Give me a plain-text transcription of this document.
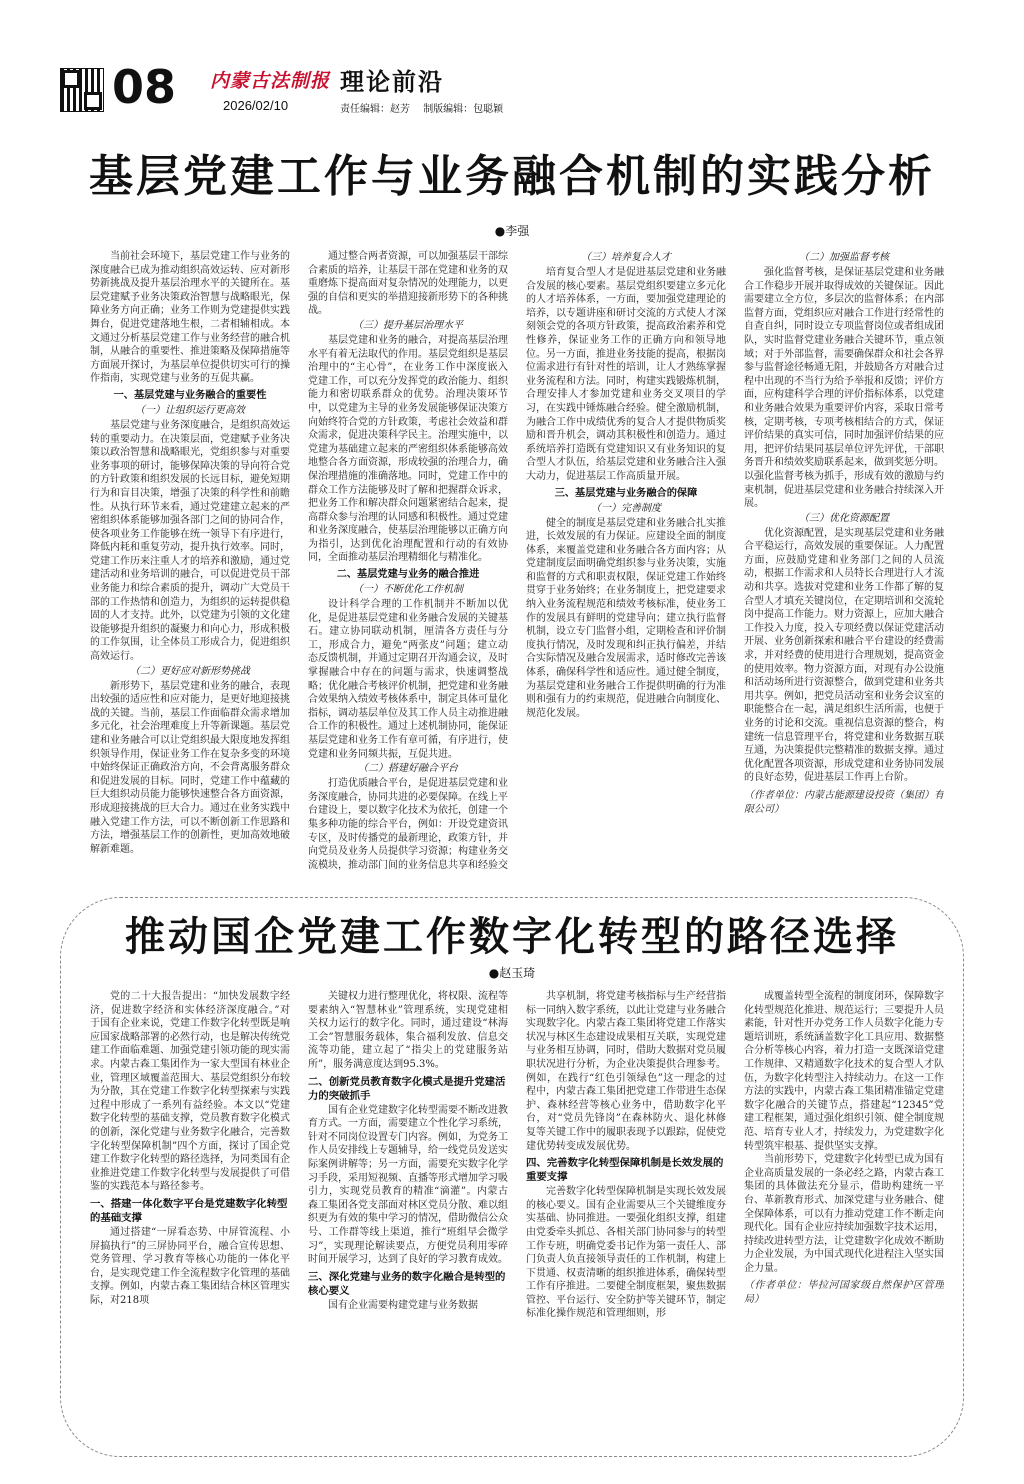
08 内蒙古法制报
2026/02/10
理论前沿
责任编辑：赵芳 制版编辑：包聪颖
基层党建工作与业务融合机制的实践分析
●李强

当前社会环境下，基层党建工作与业务的深度融合已成为推动组织高效运转、应对新形势新挑战及提升基层治理水平的关键所在。基层党建赋予业务决策政治智慧与战略眼光，保障业务方向正确；业务工作则为党建提供实践舞台，促进党建落地生根，二者相辅相成。本文通过分析基层党建工作与业务经营的融合机制，从融合的重要性、推进策略及保障措施等方面展开探讨，为基层单位提供切实可行的操作指南，实现党建与业务的互促共赢。

一、基层党建与业务融合的重要性
（一）让组织运行更高效

基层党建与业务深度融合，是组织高效运转的重要动力。在决策层面，党建赋予业务决策以政治智慧和战略眼光，党组织参与对重要业务事项的研讨，能够保障决策的导向符合党的方针政策和组织发展的长远目标，避免短期行为和盲目决策，增强了决策的科学性和前瞻性。从执行环节来看，通过党建建立起来的严密组织体系能够加强各部门之间的协同合作，使各项业务工作能够在统一领导下有序进行，降低内耗和重复劳动，提升执行效率。同时，党建工作历来注重人才的培养和激励，通过党建活动和业务培训的融合，可以促进党员干部业务能力和综合素质的提升，调动广大党员干部的工作热情和创造力，为组织的运转提供稳固的人才支持。此外，以党建为引领的文化建设能够提升组织的凝聚力和向心力，形成积极的工作氛围，让全体员工形成合力，促进组织高效运行。

（二）更好应对新形势挑战

新形势下，基层党建和业务的融合，表现出较强的适应性和应对能力，是更好地迎接挑战的关键。当前，基层工作面临群众需求增加多元化，社会治理难度上升等新课题。基层党建和业务融合可以让党组织最大限度地发挥组织领导作用，保证业务工作在复杂多变的环境中始终保证正确政治方向，不会背离服务群众和促进发展的目标。同时，党建工作中蕴藏的巨大组织动员能力能够快速整合各方面资源，形成迎接挑战的巨大合力。通过在业务实践中融入党建工作方法，可以不断创新工作思路和方法，增强基层工作的创新性，更加高效地破解新难题。

通过整合两者资源，可以加强基层干部综合素质的培养，让基层干部在党建和业务的双重磨炼下提高面对复杂情况的处理能力，以更强的自信和更实的举措迎接新形势下的各种挑战。

（三）提升基层治理水平

基层党建和业务的融合，对提高基层治理水平有着无法取代的作用。基层党组织是基层治理中的“主心骨”，在业务工作中深度嵌入党建工作，可以充分发挥党的政治能力、组织能力和密切联系群众的优势。治理决策环节中，以党建为主导的业务发展能够保证决策方向始终符合党的方针政策，考虑社会效益和群众需求，促进决策科学民主。治理实施中，以党建为基础建立起来的严密组织体系能够高效地整合各方面资源，形成较强的治理合力，确保治理措施的准确落地。同时，党建工作中的群众工作方法能够及时了解和把握群众诉求，把业务工作和解决群众问题紧密结合起来，提高群众参与治理的认同感和积极性。通过党建和业务深度融合，使基层治理能够以正确方向为指引，达到优化治理配置和行动的有效协同，全面推动基层治理精细化与精准化。

二、基层党建与业务的融合推进
（一）不断优化工作机制

设计科学合理的工作机制并不断加以优化，是促进基层党建和业务融合发展的关键基石。建立协同联动机制，厘清各方责任与分工，形成合力，避免“两张皮”问题；建立动态反馈机制，并通过定期召开沟通会议，及时掌握融合中存在的问题与需求，快速调整战略；优化融合考核评价机制，把党建和业务融合效果纳入绩效考核体系中，制定具体可量化指标，调动基层单位及其工作人员主动推进融合工作的积极性。通过上述机制协同，能保证基层党建和业务工作有章可循，有序进行，使党建和业务同频共振，互促共进。

（二）搭建好融合平台

打造优质融合平台，是促进基层党建和业务深度融合，协同共进的必要保障。在线上平台建设上，要以数字化技术为依托，创建一个集多种功能的综合平台，例如：开设党建资讯专区，及时传播党的最新理论，政策方针，并向党员及业务人员提供学习资源；构建业务交流模块，推动部门间的业务信息共享和经验交

（三）培养复合人才

培育复合型人才是促进基层党建和业务融合发展的核心要素。基层党组织要建立多元化的人才培养体系，一方面，要加强党建理论的培养，以专题讲座和研讨交流的方式使人才深刻领会党的各项方针政策，提高政治素养和党性修养，保证业务工作的正确方向和领导地位。另一方面，推进业务技能的提高，根据岗位需求进行有针对性的培训，让人才熟练掌握业务流程和方法。同时，构建实践锻炼机制，合理安排人才参加党建和业务交叉项目的学习，在实践中锤炼融合经验。健全激励机制，为融合工作中成绩优秀的复合人才提供物质奖励和晋升机会，调动其积极性和创造力。通过系统培养打造既有党建知识又有业务知识的复合型人才队伍，给基层党建和业务融合注入强大动力，促进基层工作高质量开展。

三、基层党建与业务融合的保障
（一）完善制度

健全的制度是基层党建和业务融合扎实推进，长效发展的有力保证。应建设全面的制度体系，来覆盖党建和业务融合各方面内容；从党建制度层面明确党组织参与业务决策，实施和监督的方式和职责权限，保证党建工作始终贯穿于业务始终；在业务制度上，把党建要求纳入业务流程规范和绩效考核标准，使业务工作的发展具有鲜明的党建导向；建立执行监督机制，设立专门监督小组，定期检查和评价制度执行情况，及时发现和纠正执行偏差，并结合实际情况及融合发展需求，适时修改完善该体系，确保科学性和适应性。通过健全制度，为基层党建和业务融合工作提供明确的行为准则和强有力的约束规范，促进融合向制度化、规范化发展。

（二）加强监督考核

强化监督考核，是保证基层党建和业务融合工作稳步开展并取得成效的关键保证。因此需要建立全方位，多层次的监督体系；在内部监督方面，党组织应对融合工作进行经常性的自查自纠，同时设立专项监督岗位或者组成团队，实时监督党建业务融合关键环节，重点领域；对于外部监督，需要确保群众和社会各界参与监督途径畅通无阻，并鼓励各方对融合过程中出现的不当行为给予举报和反馈；评价方面，应构建科学合理的评价指标体系，以党建和业务融合效果为重要评价内容，采取日常考核，定期考核，专项考核相结合的方式，保证评价结果的真实可信，同时加强评价结果的应用，把评价结果同基层单位评先评优，干部职务晋升和绩效奖励联系起来，做到奖惩分明。以强化监督考核为抓手，形成有效的激励与约束机制，促进基层党建和业务融合持续深入开展。

（三）优化资源配置

优化资源配置，是实现基层党建和业务融合平稳运行，高效发展的重要保证。人力配置方面，应鼓励党建和业务部门之间的人员流动，根据工作需求和人员特长合理进行人才流动和共享。选拔对党建和业务工作都了解的复合型人才填充关键岗位，在定期培训和交流轮岗中提高工作能力。财力资源上，应加大融合工作投入力度，投入专项经费以保证党建活动开展、业务创新探索和融合平台建设的经费需求，并对经费的使用进行合理规划，提高资金的使用效率。物力资源方面，对现有办公设施和活动场所进行资源整合，做到党建和业务共用共享。例如，把党员活动室和业务会议室的职能整合在一起，满足组织生活所需，也便于业务的讨论和交流。重视信息资源的整合，构建统一信息管理平台，将党建和业务数据互联互通，为决策提供完整精准的数据支撑。通过优化配置各项资源，形成党建和业务协同发展的良好态势，促进基层工作再上台阶。

（作者单位：内蒙古能源建设投资（集团）有限公司）

推动国企党建工作数字化转型的路径选择
●赵玉琦

党的二十大报告提出：“加快发展数字经济，促进数字经济和实体经济深度融合。”对于国有企业来说，党建工作数字化转型既是响应国家战略部署的必然行动，也是解决传统党建工作面临难题、加强党建引领功能的现实需求。内蒙古森工集团作为一家大型国有林业企业，管理区域覆盖范围大、基层党组织分布较为分散，其在党建工作数字化转型探索与实践过程中形成了一系列有益经验。本文以“党建数字化转型的基础支撑，党员教育数字化模式的创新，深化党建与业务数字化融合，完善数字化转型保障机制”四个方面，探讨了国企党建工作数字化转型的路径选择，为同类国有企业推进党建工作数字化转型与发展提供了可借鉴的实践范本与路径参考。

一、搭建一体化数字平台是党建数字化转型的基础支撑

通过搭建“一屏看态势、中屏管流程、小屏搞执行”的三屏协同平台，融合宣传思想、党务管理、学习教育等核心功能的一体化平台，是实现党建工作全流程数字化管理的基础支撑。例如，内蒙古森工集团结合林区管理实际，对218项

关键权力进行整理优化，将权限、流程等要素纳入“智慧林业”管理系统，实现党建相关权力运行的数字化。同时，通过建设“林海工会”智慧服务载体，集合福利发放、信息交流等功能，建立起了“指尖上的党建服务站所”，服务满意度达到95.3%。

二、创新党员教育数字化模式是提升党建活力的突破抓手

国有企业党建数字化转型需要不断改进教育方式。一方面，需要建立个性化学习系统，针对不同岗位设置专门内容。例如，为党务工作人员安排线上专题辅导，给一线党员发送实际案例讲解等；另一方面，需要充实数字化学习手段，采用短视频、直播等形式增加学习吸引力，实现党员教育的精准“滴灌”。内蒙古森工集团各党支部面对林区党员分散、难以组织更为有效的集中学习的情况，借助微信公众号、工作群等线上渠道，推行“班组早会微学习”，实现理论解读要点，方便党员利用零碎时间开展学习，达到了良好的学习教育成效。

三、深化党建与业务的数字化融合是转型的核心要义

国有企业需要构建党建与业务数据

共享机制，将党建考核指标与生产经营指标一同纳入数字系统，以此让党建与业务融合实现数字化。内蒙古森工集团将党建工作落实状况与林区生态建设成果相互关联，实现党建与业务相互协调，同时，借助大数据对党员履职状况进行分析，为企业决策提供合理参考。例如，在践行“红色引领绿色”这一理念的过程中，内蒙古森工集团把党建工作带进生态保护、森林经营等核心业务中，借助数字化平台，对“党员先锋岗”在森林防火、退化林修复等关键工作中的履职表现予以跟踪，促使党建优势转变成发展优势。

四、完善数字化转型保障机制是长效发展的重要支撑

完善数字化转型保障机制是实现长效发展的核心要义。国有企业需要从三个关键维度夯实基础、协同推进。一要强化组织支撑，组建由党委牵头抓总、各相关部门协同参与的转型工作专班，明确党委书记作为第一责任人、部门负责人负直接领导责任的工作机制，构建上下贯通、权责清晰的组织推进体系，确保转型工作有序推进。二要健全制度框架，聚焦数据管控、平台运行、安全防护等关键环节，制定标准化操作规范和管理细则，形

成覆盖转型全流程的制度闭环，保障数字化转型规范化推进、规范运行；三要提升人员素能，针对性开办党务工作人员数字化能力专题培训班，系统涵盖数字化工具应用、数据整合分析等核心内容，着力打造一支既深谙党建工作规律、又精通数字化技术的复合型人才队伍，为数字化转型注入持续动力。在这一工作方法的实践中，内蒙古森工集团精准锚定党建数字化融合的关键节点，搭建起“12345”党建工程框架，通过强化组织引领、健全制度规范、培育专业人才，持续发力，为党建数字化转型筑牢根基、提供坚实支撑。

当前形势下，党建数字化转型已成为国有企业高质量发展的一条必经之路，内蒙古森工集团的具体做法充分显示，借助构建统一平台、革新教育形式、加深党建与业务融合、健全保障体系，可以有力推动党建工作不断走向现代化。国有企业应持续加强数字技术运用，持续改进转型方法，让党建数字化成效不断助力企业发展，为中国式现代化进程注入坚实国企力量。

（作者单位：毕拉河国家级自然保护区管理局）
